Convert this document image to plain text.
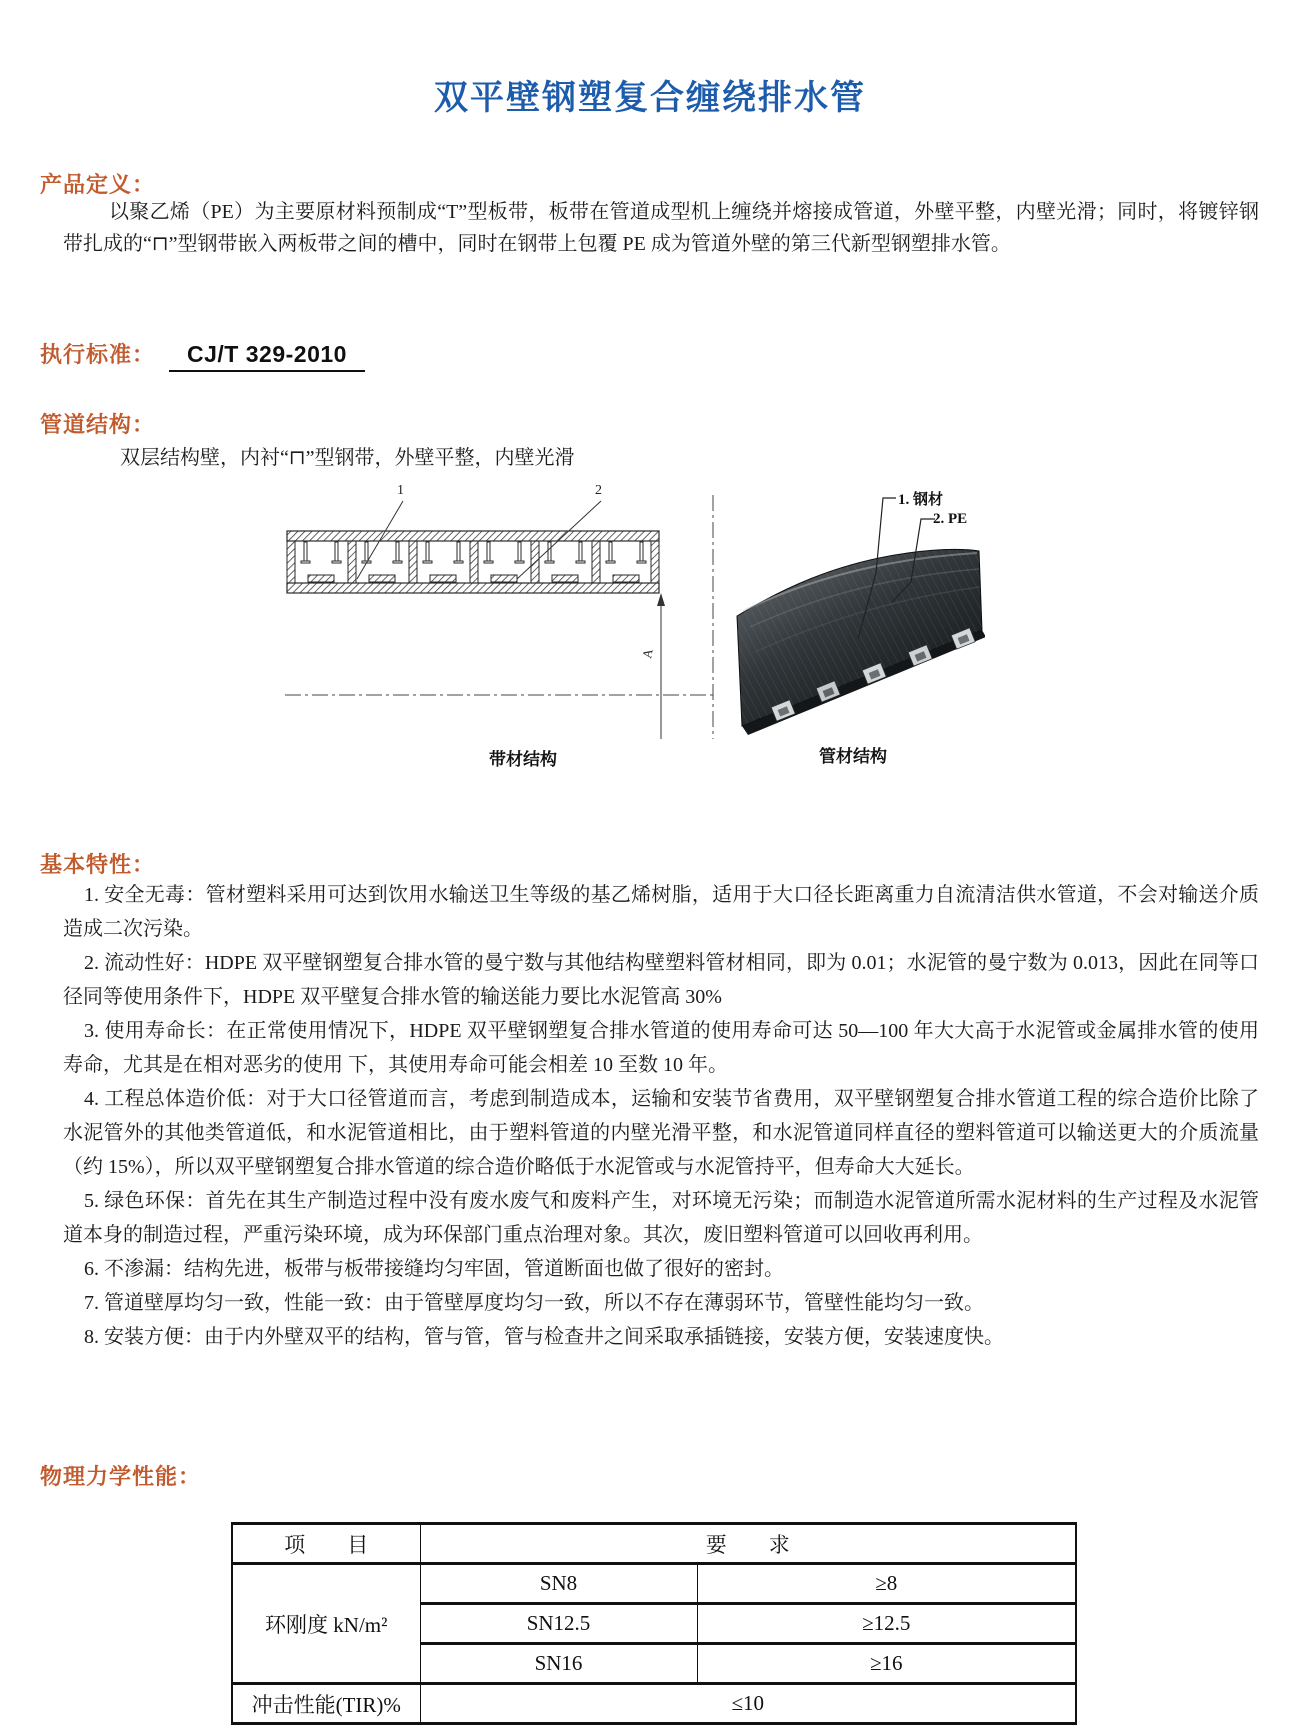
双平壁钢塑复合缠绕排水管
产品定义：

以聚乙烯（PE）为主要原材料预制成“T”型板带，板带在管道成型机上缠绕并熔接成管道，外壁平整，内壁光滑；同时，将镀锌钢带扎成的“⊓”型钢带嵌入两板带之间的槽中，同时在钢带上包覆 PE 成为管道外壁的第三代新型钢塑排水管。

执行标准：	CJ/T 329-2010
管道结构：

双层结构壁，内衬“⊓”型钢带，外壁平整，内壁光滑

A
1	2
1. 钢材
2. PE
带材结构	管材结构
基本特性：

1. 安全无毒：管材塑料采用可达到饮用水输送卫生等级的基乙烯树脂，适用于大口径长距离重力自流清洁供水管道，不会对输送介质造成二次污染。

2. 流动性好：HDPE 双平壁钢塑复合排水管的曼宁数与其他结构壁塑料管材相同，即为 0.01；水泥管的曼宁数为 0.013，因此在同等口径同等使用条件下，HDPE 双平壁复合排水管的输送能力要比水泥管高 30%

3. 使用寿命长：在正常使用情况下，HDPE 双平壁钢塑复合排水管道的使用寿命可达 50—100 年大大高于水泥管或金属排水管的使用寿命，尤其是在相对恶劣的使用 下，其使用寿命可能会相差 10 至数 10 年。

4. 工程总体造价低：对于大口径管道而言，考虑到制造成本，运输和安装节省费用，双平壁钢塑复合排水管道工程的综合造价比除了水泥管外的其他类管道低，和水泥管道相比，由于塑料管道的内壁光滑平整，和水泥管道同样直径的塑料管道可以输送更大的介质流量（约 15%），所以双平壁钢塑复合排水管道的综合造价略低于水泥管或与水泥管持平，但寿命大大延长。

5. 绿色环保：首先在其生产制造过程中没有废水废气和废料产生，对环境无污染；而制造水泥管道所需水泥材料的生产过程及水泥管道本身的制造过程，严重污染环境，成为环保部门重点治理对象。其次，废旧塑料管道可以回收再利用。

6. 不渗漏：结构先进，板带与板带接缝均匀牢固，管道断面也做了很好的密封。

7. 管道壁厚均匀一致，性能一致：由于管壁厚度均匀一致，所以不存在薄弱环节，管壁性能均匀一致。

8. 安装方便：由于内外壁双平的结构，管与管，管与检查井之间采取承插链接，安装方便，安装速度快。

物理力学性能：
项　　目	要　　求	
环刚度 kN/m²	SN8	≥8
	SN12.5	≥12.5
	SN16	≥16
冲击性能(TIR)%	≤10	
